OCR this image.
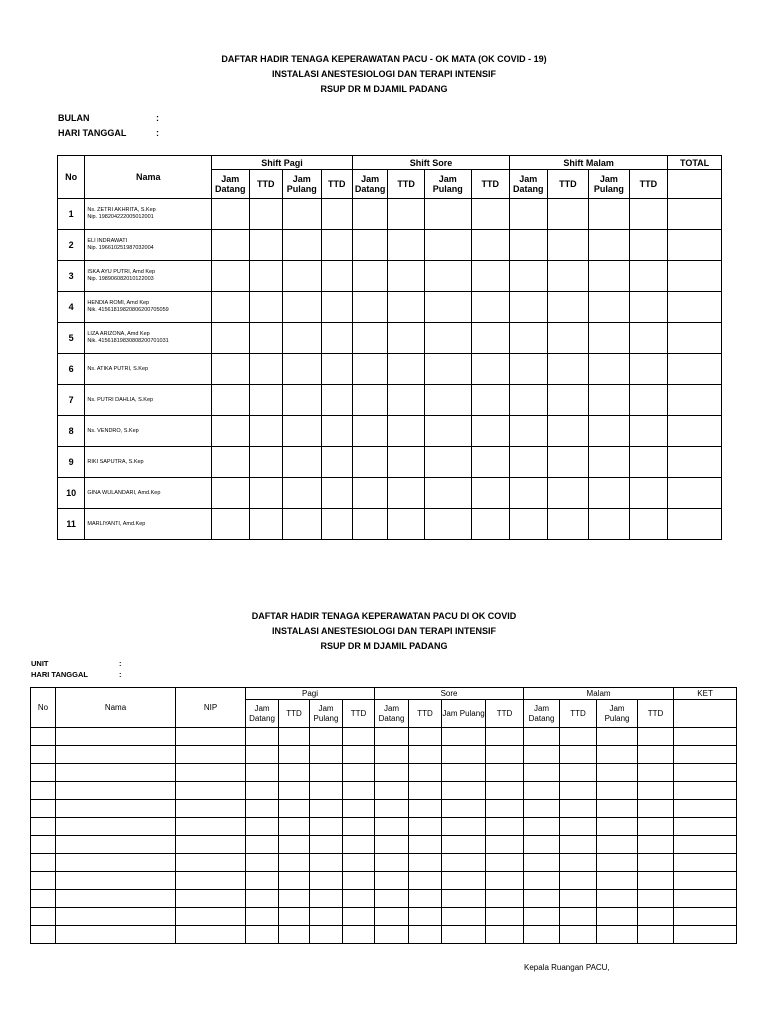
DAFTAR HADIR TENAGA KEPERAWATAN PACU - OK MATA (OK COVID - 19)
INSTALASI ANESTESIOLOGI DAN TERAPI INTENSIF
RSUP DR M DJAMIL PADANG
BULAN	:
HARI TANGGAL	:
No	Nama	Shift Pagi				Shift Sore				Shift Malam				TOTAL
		Jam Datang	TTD	Jam Pulang	TTD	Jam Datang	TTD	Jam Pulang	TTD	Jam Datang	TTD	Jam Pulang	TTD	
1	Ns. ZETRI AKHRITA, S.Kep
Nip. 198204222005012001													

2	ELI INDRAWATI
Nip. 196610251987032004													

3	ISKA AYU PUTRI, Amd Kep
Nip. 198906082010122003													

4	HENDIA ROMI, Amd Kep
Nik. 4156181982080620070505​9													

5	LIZA ARIZONA, Amd Kep
Nik. 4156181983080820070103​1													

6	Ns. ATIKA PUTRI, S.Kep													

7	Ns. PUTRI DAHLIA, S.Kep													

8	Ns. VENDRO, S.Kep													

9	RIKI SAPUTRA, S.Kep													

10	GINA WULANDARI, Amd.Kep													

11	MARLIYANTI, Amd.Kep													

DAFTAR HADIR TENAGA KEPERAWATAN PACU DI OK COVID
INSTALASI ANESTESIOLOGI DAN TERAPI INTENSIF
RSUP DR M DJAMIL PADANG
UNIT	:
HARI TANGGAL	:
No	Nama	NIP	Pagi				Sore				Malam				KET
			Jam Datang	TTD	Jam Pulang	TTD	Jam Datang	TTD	Jam Pulang	TTD	Jam Datang	TTD	Jam Pulang	TTD	

Kepala Ruangan PACU,
